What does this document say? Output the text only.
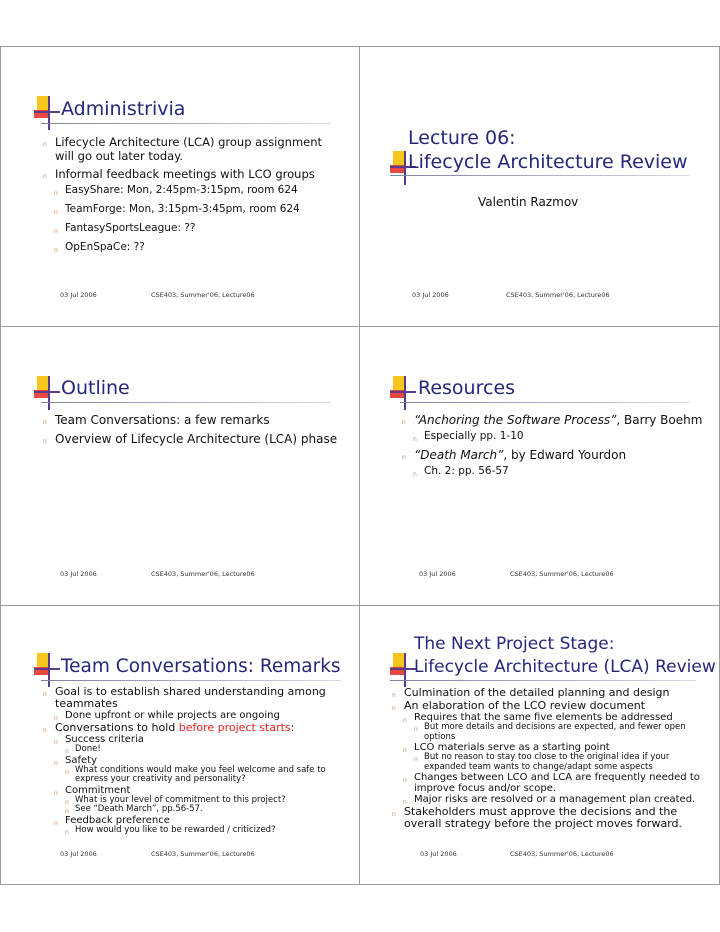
Administrivia
n Lifecycle Architecture (LCA) group assignment will go out later today.
n Informal feedback meetings with LCO groups
n EasyShare: Mon, 2:45pm-3:15pm, room 624
n TeamForge: Mon, 3:15pm-3:45pm, room 624
n FantasySportsLeague: ??
n OpEnSpaCe: ??
03 Jul 2006	CSE403, Summer'06, Lecture06
Lecture 06:
Lifecycle Architecture Review
Valentin Razmov
03 Jul 2006	CSE403, Summer'06, Lecture06
Outline
n Team Conversations: a few remarks
n Overview of Lifecycle Architecture (LCA) phase
03 Jul 2006	CSE403, Summer'06, Lecture06
Resources
n “Anchoring the Software Process”, Barry Boehm
n Especially pp. 1-10
n “Death March”, by Edward Yourdon
n Ch. 2: pp. 56-57
03 Jul 2006	CSE403, Summer'06, Lecture06
Team Conversations: Remarks
n Goal is to establish shared understanding among teammates
n Done upfront or while projects are ongoing
n Conversations to hold before project starts:
n Success criteria
n Done!
n Safety
n What conditions would make you feel welcome and safe to express your creativity and personality?
n Commitment
n What is your level of commitment to this project?
n See “Death March”, pp.56-57.
n Feedback preference
n How would you like to be rewarded / criticized?
03 Jul 2006	CSE403, Summer'06, Lecture06
The Next Project Stage:
Lifecycle Architecture (LCA) Review
n Culmination of the detailed planning and design
n An elaboration of the LCO review document
n Requires that the same five elements be addressed
n But more details and decisions are expected, and fewer open options
n LCO materials serve as a starting point
n But no reason to stay too close to the original idea if your expanded team wants to change/adapt some aspects
n Changes between LCO and LCA are frequently needed to improve focus and/or scope.
n Major risks are resolved or a management plan created.
n Stakeholders must approve the decisions and the overall strategy before the project moves forward.
03 Jul 2006	CSE403, Summer'06, Lecture06
